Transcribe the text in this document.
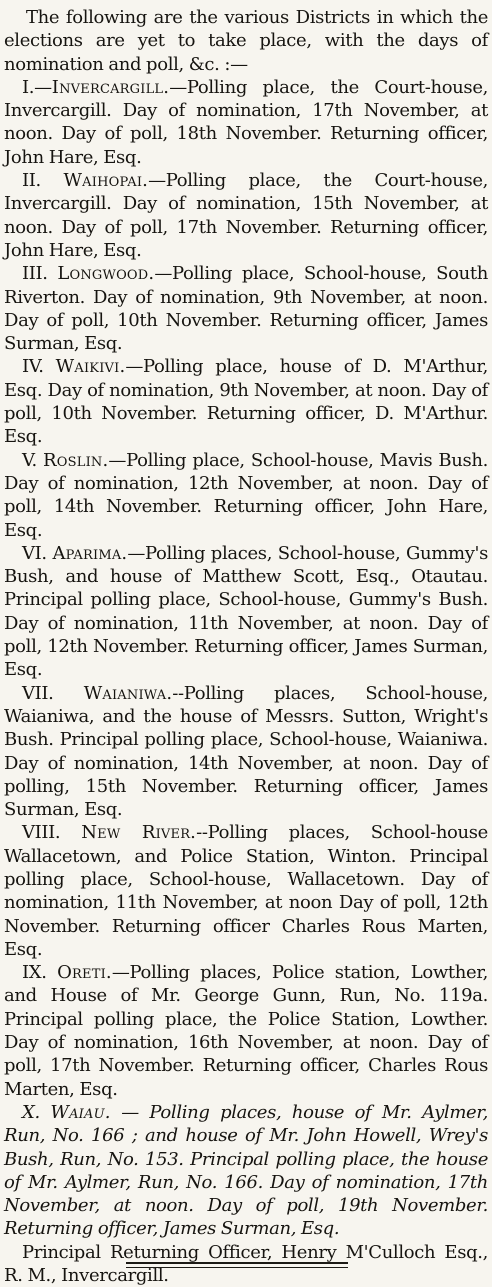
The following are the various Districts in which the elections are yet to take place, with the days of nomination and poll, &c. :—

I.—Invercargill.—Polling place, the Court-house, Invercargill. Day of nomination, 17th November, at noon. Day of poll, 18th November. Returning officer, John Hare, Esq.

II. Waihopai.—Polling place, the Court-house, Invercargill. Day of nomination, 15th November, at noon. Day of poll, 17th November. Returning officer, John Hare, Esq.

III. Longwood.—Polling place, School-house, South Riverton. Day of nomination, 9th November, at noon. Day of poll, 10th November. Returning officer, James Surman, Esq.

IV. Waikivi.—Polling place, house of D. M'Arthur, Esq. Day of nomination, 9th November, at noon. Day of poll, 10th November. Returning officer, D. M'Arthur. Esq.

V. Roslin.—Polling place, School-house, Mavis Bush. Day of nomination, 12th November, at noon. Day of poll, 14th November. Returning officer, John Hare, Esq.

VI. Aparima.—Polling places, School-house, Gummy's Bush, and house of Matthew Scott, Esq., Otautau. Principal polling place, School-house, Gummy's Bush. Day of nomination, 11th November, at noon. Day of poll, 12th November. Returning officer, James Surman, Esq.

VII. Waianiwa.--Polling places, School-house, Waianiwa, and the house of Messrs. Sutton, Wright's Bush. Principal polling place, School-house, Waianiwa. Day of nomination, 14th November, at noon. Day of polling, 15th November. Returning officer, James Surman, Esq.

VIII. New River.--Polling places, School-house Wallacetown, and Police Station, Winton. Principal polling place, School-house, Wallacetown. Day of nomination, 11th November, at noon Day of poll, 12th November. Returning officer Charles Rous Marten, Esq.

IX. Oreti.—Polling places, Police station, Lowther, and House of Mr. George Gunn, Run, No. 119a. Principal polling place, the Police Station, Lowther. Day of nomination, 16th November, at noon. Day of poll, 17th November. Returning officer, Charles Rous Marten, Esq.

X. Waiau. — Polling places, house of Mr. Aylmer, Run, No. 166 ; and house of Mr. John Howell, Wrey's Bush, Run, No. 153. Principal polling place, the house of Mr. Aylmer, Run, No. 166. Day of nomination, 17th November, at noon. Day of poll, 19th November. Returning officer, James Surman, Esq.

Principal Returning Officer, Henry M'Culloch Esq., R. M., Invercargill.
